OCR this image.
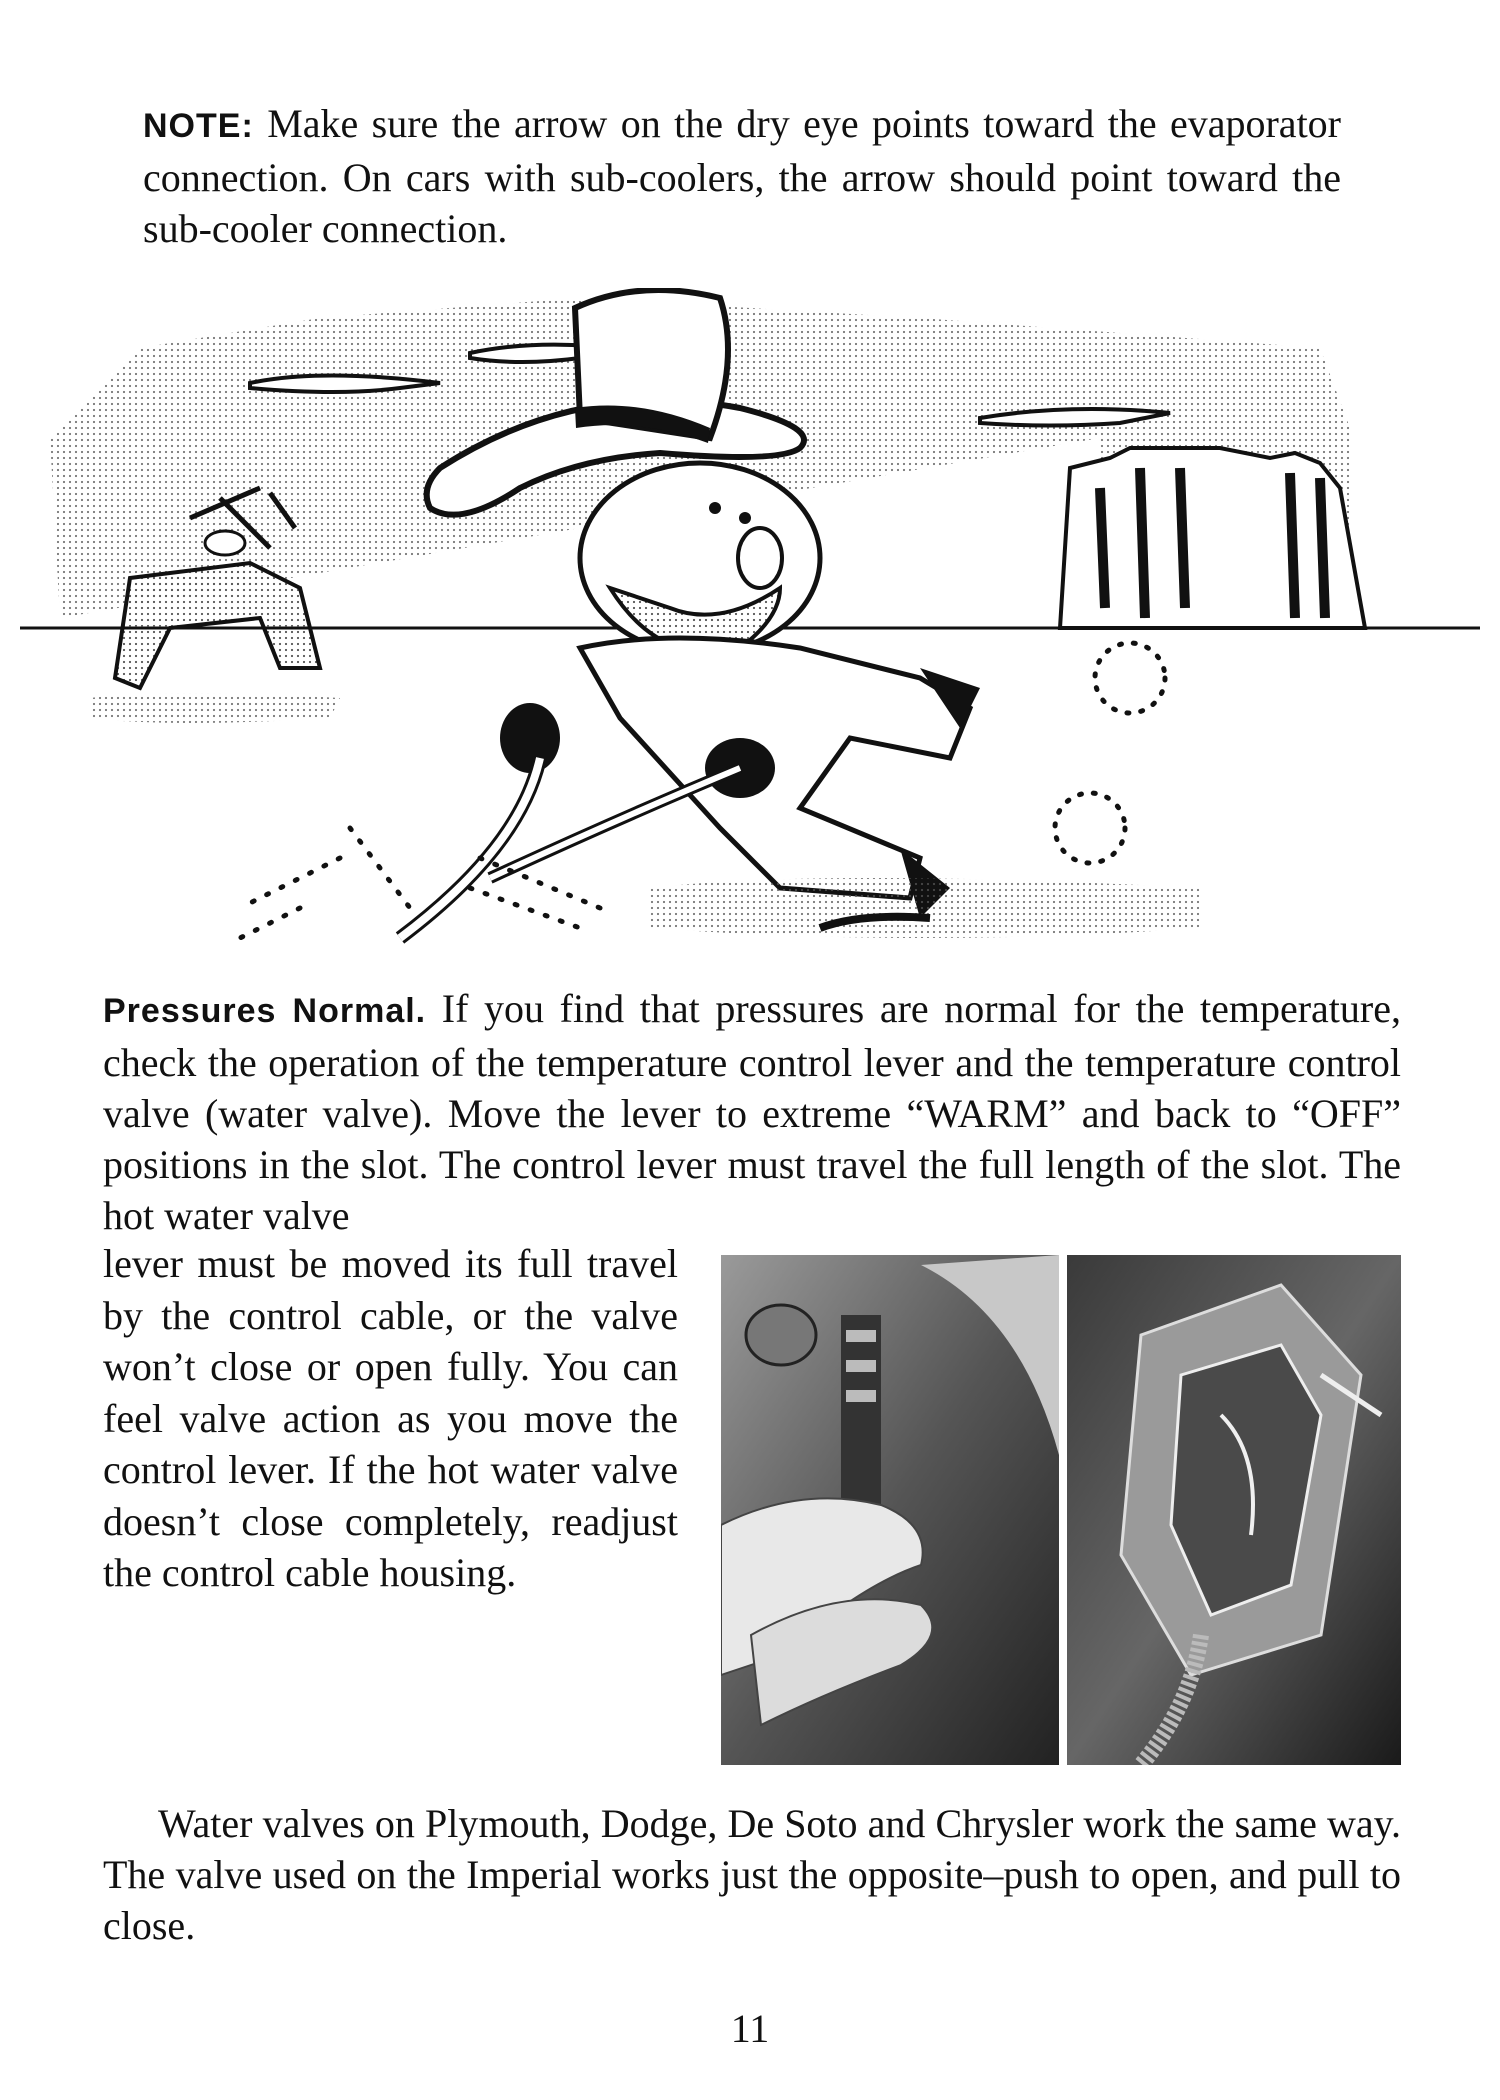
NOTE: Make sure the arrow on the dry eye points toward the evaporator connection. On cars with sub-coolers, the arrow should point toward the sub-cooler connection.

Pressures Normal. If you find that pressures are normal for the temperature, check the operation of the temperature control lever and the temperature control valve (water valve). Move the lever to extreme “WARM” and back to “OFF” positions in the slot. The control lever must travel the full length of the slot. The hot water valve

lever must be moved its full travel by the control cable, or the valve won’t close or open fully. You can feel valve action as you move the control lever. If the hot water valve doesn’t close completely, readjust the control cable housing.

Water valves on Plymouth, Dodge, De Soto and Chrysler work the same way. The valve used on the Imperial works just the opposite–push to open, and pull to close.

11
